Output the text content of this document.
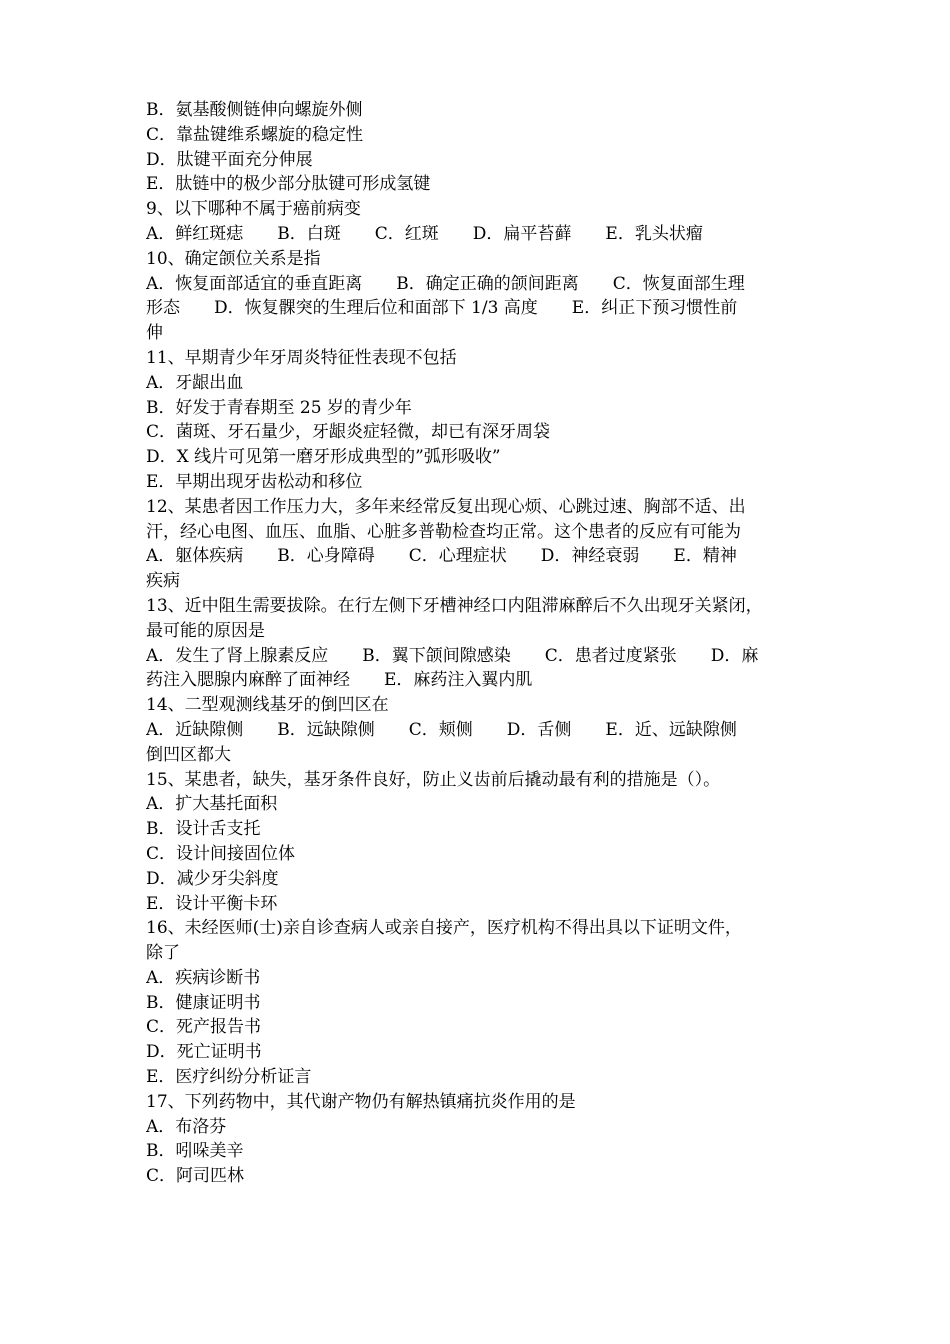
B．氨基酸侧链伸向螺旋外侧
C．靠盐键维系螺旋的稳定性
D．肽键平面充分伸展
E．肽链中的极少部分肽键可形成氢键
9、以下哪种不属于癌前病变
A．鲜红斑痣　　B．白斑　　C．红斑　　D．扁平苔藓　　E．乳头状瘤
10、确定颌位关系是指
A．恢复面部适宜的垂直距离　　B．确定正确的颌间距离　　C．恢复面部生理
形态　　D．恢复髁突的生理后位和面部下 1/3 高度　　E．纠正下预习惯性前
伸
11、早期青少年牙周炎特征性表现不包括
A．牙龈出血
B．好发于青春期至 25 岁的青少年
C．菌斑、牙石量少，牙龈炎症轻微，却已有深牙周袋
D．X 线片可见第一磨牙形成典型的”弧形吸收”
E．早期出现牙齿松动和移位
12、某患者因工作压力大，多年来经常反复出现心烦、心跳过速、胸部不适、出
汗，经心电图、血压、血脂、心脏多普勒检查均正常。这个患者的反应有可能为
A．躯体疾病　　B．心身障碍　　C．心理症状　　D．神经衰弱　　E．精神
疾病
13、近中阻生需要拔除。在行左侧下牙槽神经口内阻滞麻醉后不久出现牙关紧闭，
最可能的原因是
A．发生了肾上腺素反应　　B．翼下颌间隙感染　　C．患者过度紧张　　D．麻
药注入腮腺内麻醉了面神经　　E．麻药注入翼内肌
14、二型观测线基牙的倒凹区在
A．近缺隙侧　　B．远缺隙侧　　C．颊侧　　D．舌侧　　E．近、远缺隙侧
倒凹区都大
15、某患者，缺失，基牙条件良好，防止义齿前后撬动最有利的措施是（）。
A．扩大基托面积
B．设计舌支托
C．设计间接固位体
D．减少牙尖斜度
E．设计平衡卡环
16、未经医师(士)亲自诊查病人或亲自接产，医疗机构不得出具以下证明文件，
除了
A．疾病诊断书
B．健康证明书
C．死产报告书
D．死亡证明书
E．医疗纠纷分析证言
17、下列药物中，其代谢产物仍有解热镇痛抗炎作用的是
A．布洛芬
B．吲哚美辛
C．阿司匹林
